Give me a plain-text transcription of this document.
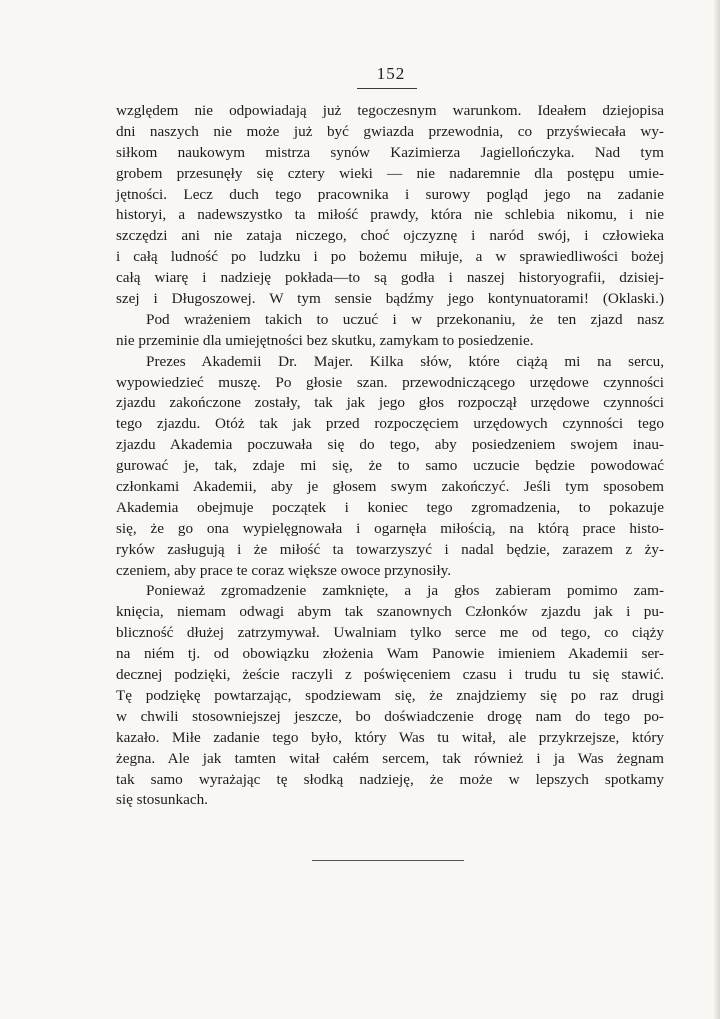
152
względem nie odpowiadają już tegoczesnym warunkom. Ideałem dziejopisa
dni naszych nie może już być gwiazda przewodnia, co przyświecała wy-
siłkom naukowym mistrza synów Kazimierza Jagiellończyka. Nad tym
grobem przesunęły się cztery wieki — nie nadaremnie dla postępu umie-
jętności. Lecz duch tego pracownika i surowy pogląd jego na zadanie
historyi, a nadewszystko ta miłość prawdy, która nie schlebia nikomu, i nie
szczędzi ani nie zataja niczego, choć ojczyznę i naród swój, i człowieka
i całą ludność po ludzku i po bożemu miłuje, a w sprawiedliwości bożej
całą wiarę i nadzieję pokłada—to są godła i naszej historyografii, dzisiej-
szej i Długoszowej. W tym sensie bądźmy jego kontynuatorami! (Oklaski.)
Pod wrażeniem takich to uczuć i w przekonaniu, że ten zjazd nasz
nie przeminie dla umiejętności bez skutku, zamykam to posiedzenie.
Prezes Akademii Dr. Majer. Kilka słów, które ciążą mi na sercu,
wypowiedzieć muszę. Po głosie szan. przewodniczącego urzędowe czynności
zjazdu zakończone zostały, tak jak jego głos rozpoczął urzędowe czynności
tego zjazdu. Otóż tak jak przed rozpoczęciem urzędowych czynności tego
zjazdu Akademia poczuwała się do tego, aby posiedzeniem swojem inau-
gurować je, tak, zdaje mi się, że to samo uczucie będzie powodować
członkami Akademii, aby je głosem swym zakończyć. Jeśli tym sposobem
Akademia obejmuje początek i koniec tego zgromadzenia, to pokazuje
się, że go ona wypielęgnowała i ogarnęła miłością, na którą prace histo-
ryków zasługują i że miłość ta towarzyszyć i nadal będzie, zarazem z ży-
czeniem, aby prace te coraz większe owoce przynosiły.
Ponieważ zgromadzenie zamknięte, a ja głos zabieram pomimo zam-
knięcia, niemam odwagi abym tak szanownych Członków zjazdu jak i pu-
bliczność dłużej zatrzymywał. Uwalniam tylko serce me od tego, co ciąży
na niém tj. od obowiązku złożenia Wam Panowie imieniem Akademii ser-
decznej podzięki, żeście raczyli z poświęceniem czasu i trudu tu się stawić.
Tę podziękę powtarzając, spodziewam się, że znajdziemy się po raz drugi
w chwili stosowniejszej jeszcze, bo doświadczenie drogę nam do tego po-
kazało. Miłe zadanie tego było, który Was tu witał, ale przykrzejsze, który
żegna. Ale jak tamten witał całém sercem, tak również i ja Was żegnam
tak samo wyrażając tę słodką nadzieję, że może w lepszych spotkamy
się stosunkach.
